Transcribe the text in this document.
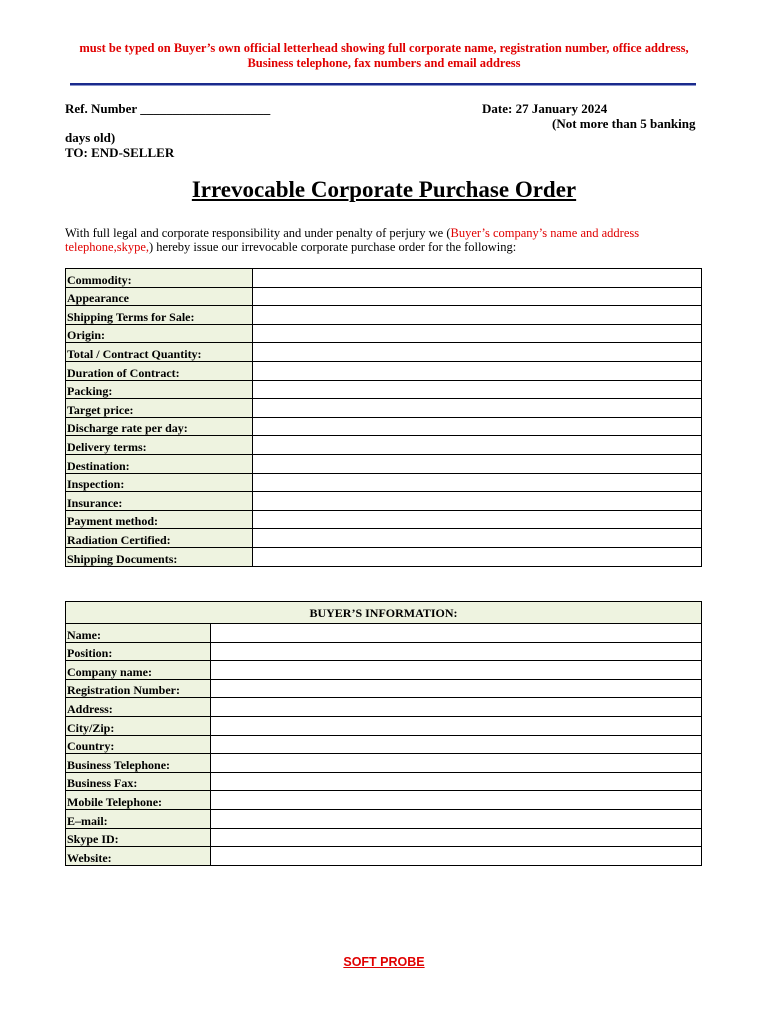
must be typed on Buyer’s own official letterhead showing full corporate name, registration number, office address,
Business telephone, fax numbers and email address
Ref. Number ____________________	Date: 27 January 2024
(Not more than 5 banking
days old)
TO: END-SELLER
Irrevocable Corporate Purchase Order
With full legal and corporate responsibility and under penalty of perjury we (Buyer’s company’s name and address telephone,skype,) hereby issue our irrevocable corporate purchase order for the following:
Commodity:	
Appearance	
Shipping Terms for Sale:	
Origin:	
Total / Contract Quantity:	
Duration of Contract:	
Packing:	
Target price:	
Discharge rate per day:	
Delivery terms:	
Destination:	
Inspection:	
Insurance:	
Payment method:	
Radiation Certified:	
Shipping Documents:	
BUYER’S INFORMATION:	
Name:	
Position:	
Company name:	
Registration Number:	
Address:	
City/Zip:	
Country:	
Business Telephone:	
Business Fax:	
Mobile Telephone:	
E–mail:	
Skype ID:	
Website:	
SOFT PROBE
